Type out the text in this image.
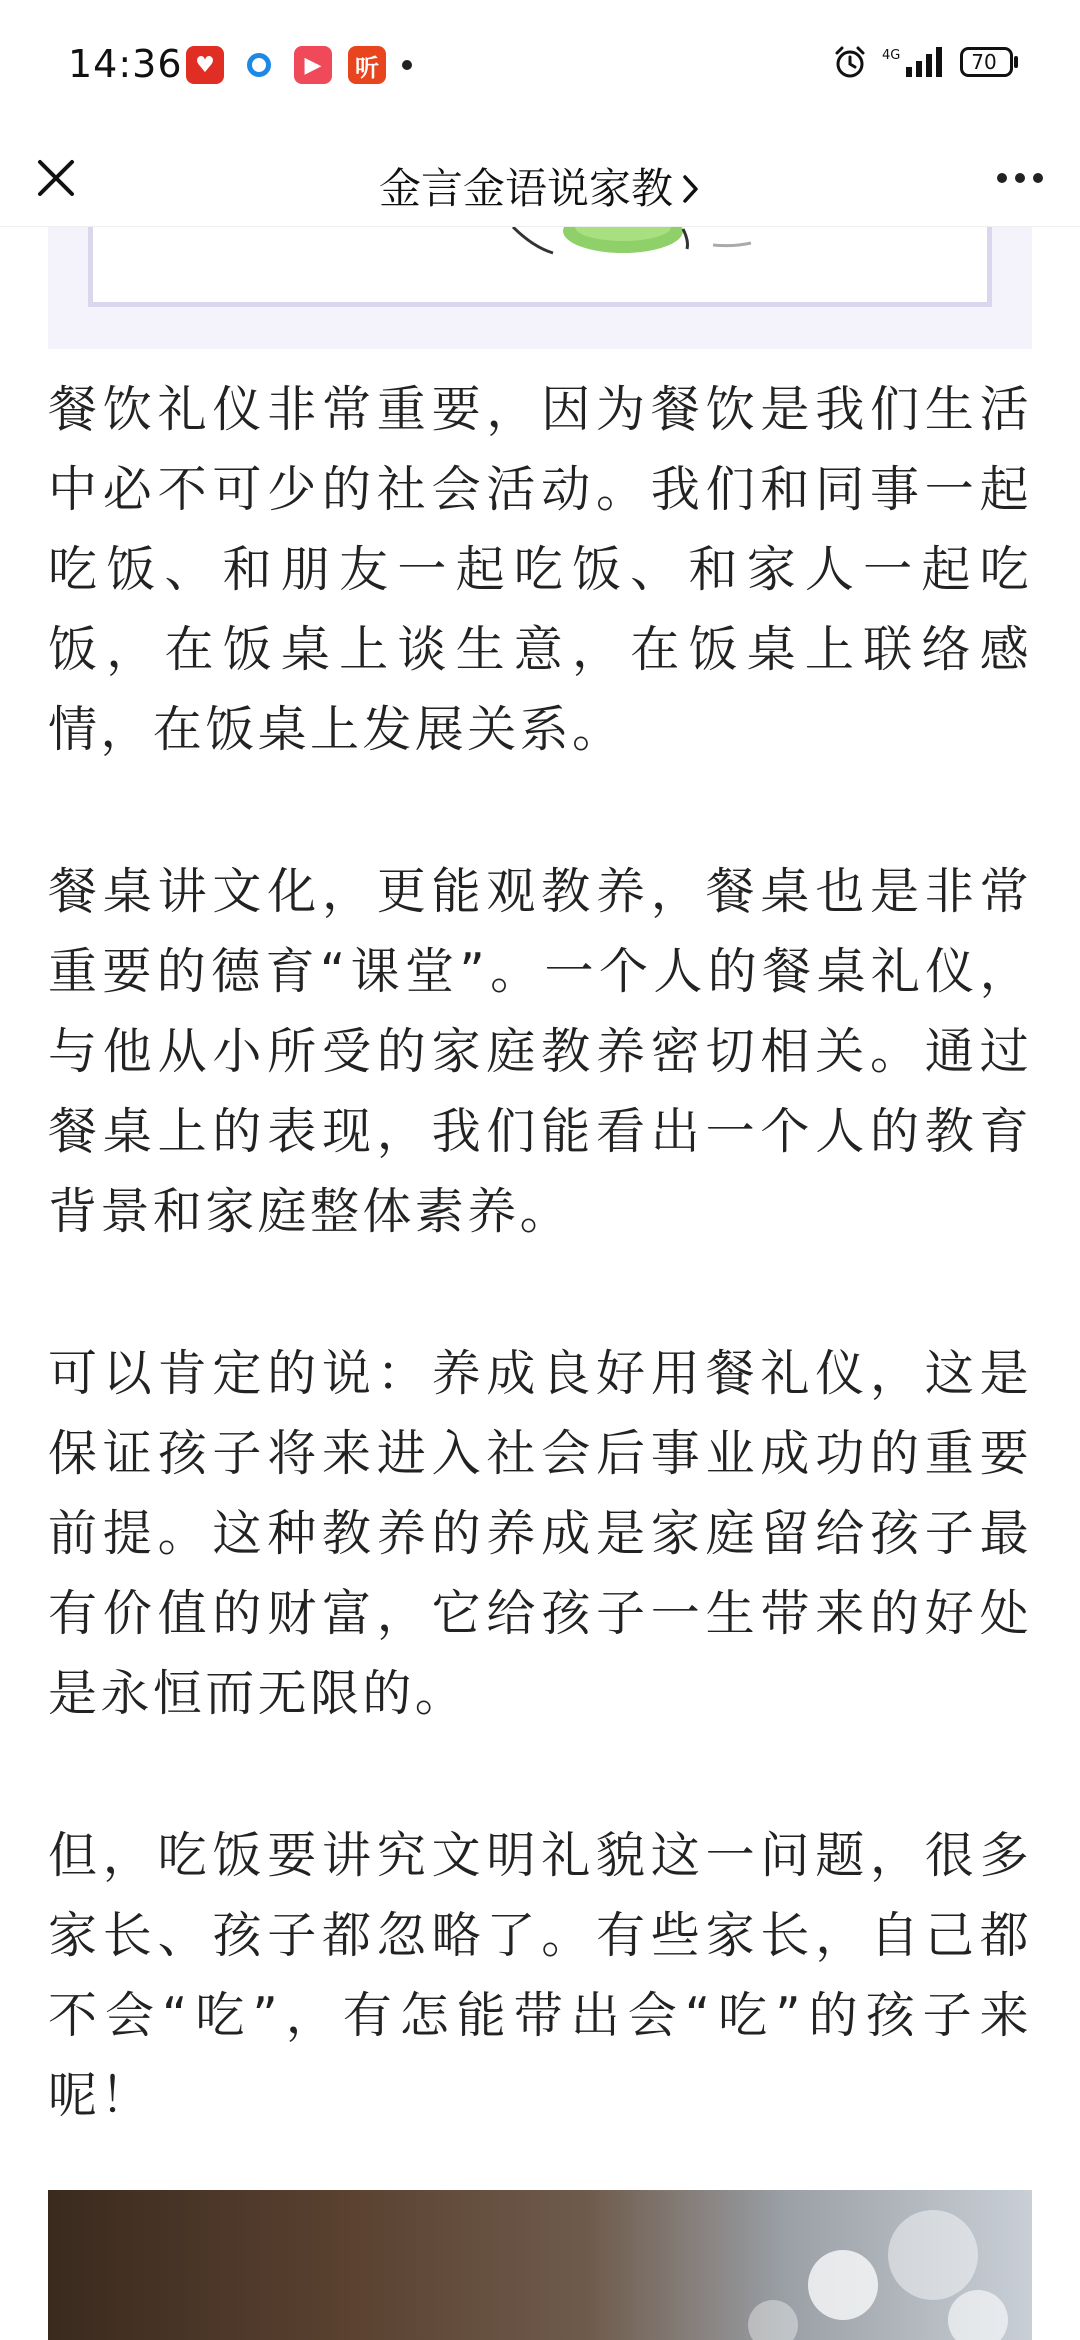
14:36 ♥	▶	听	4G	70
金言金语说家教

餐饮礼仪非常重要，因为餐饮是我们生活中必不可少的社会活动。我们和同事一起吃饭、和朋友一起吃饭、和家人一起吃饭，在饭桌上谈生意，在饭桌上联络感情，在饭桌上发展关系。

餐桌讲文化，更能观教养，餐桌也是非常重要的德育“课堂”。一个人的餐桌礼仪，与他从小所受的家庭教养密切相关。通过餐桌上的表现，我们能看出一个人的教育背景和家庭整体素养。

可以肯定的说：养成良好用餐礼仪，这是保证孩子将来进入社会后事业成功的重要前提。这种教养的养成是家庭留给孩子最有价值的财富，它给孩子一生带来的好处是永恒而无限的。

但，吃饭要讲究文明礼貌这一问题，很多家长、孩子都忽略了。有些家长，自己都不会“吃”，有怎能带出会“吃”的孩子来呢！
